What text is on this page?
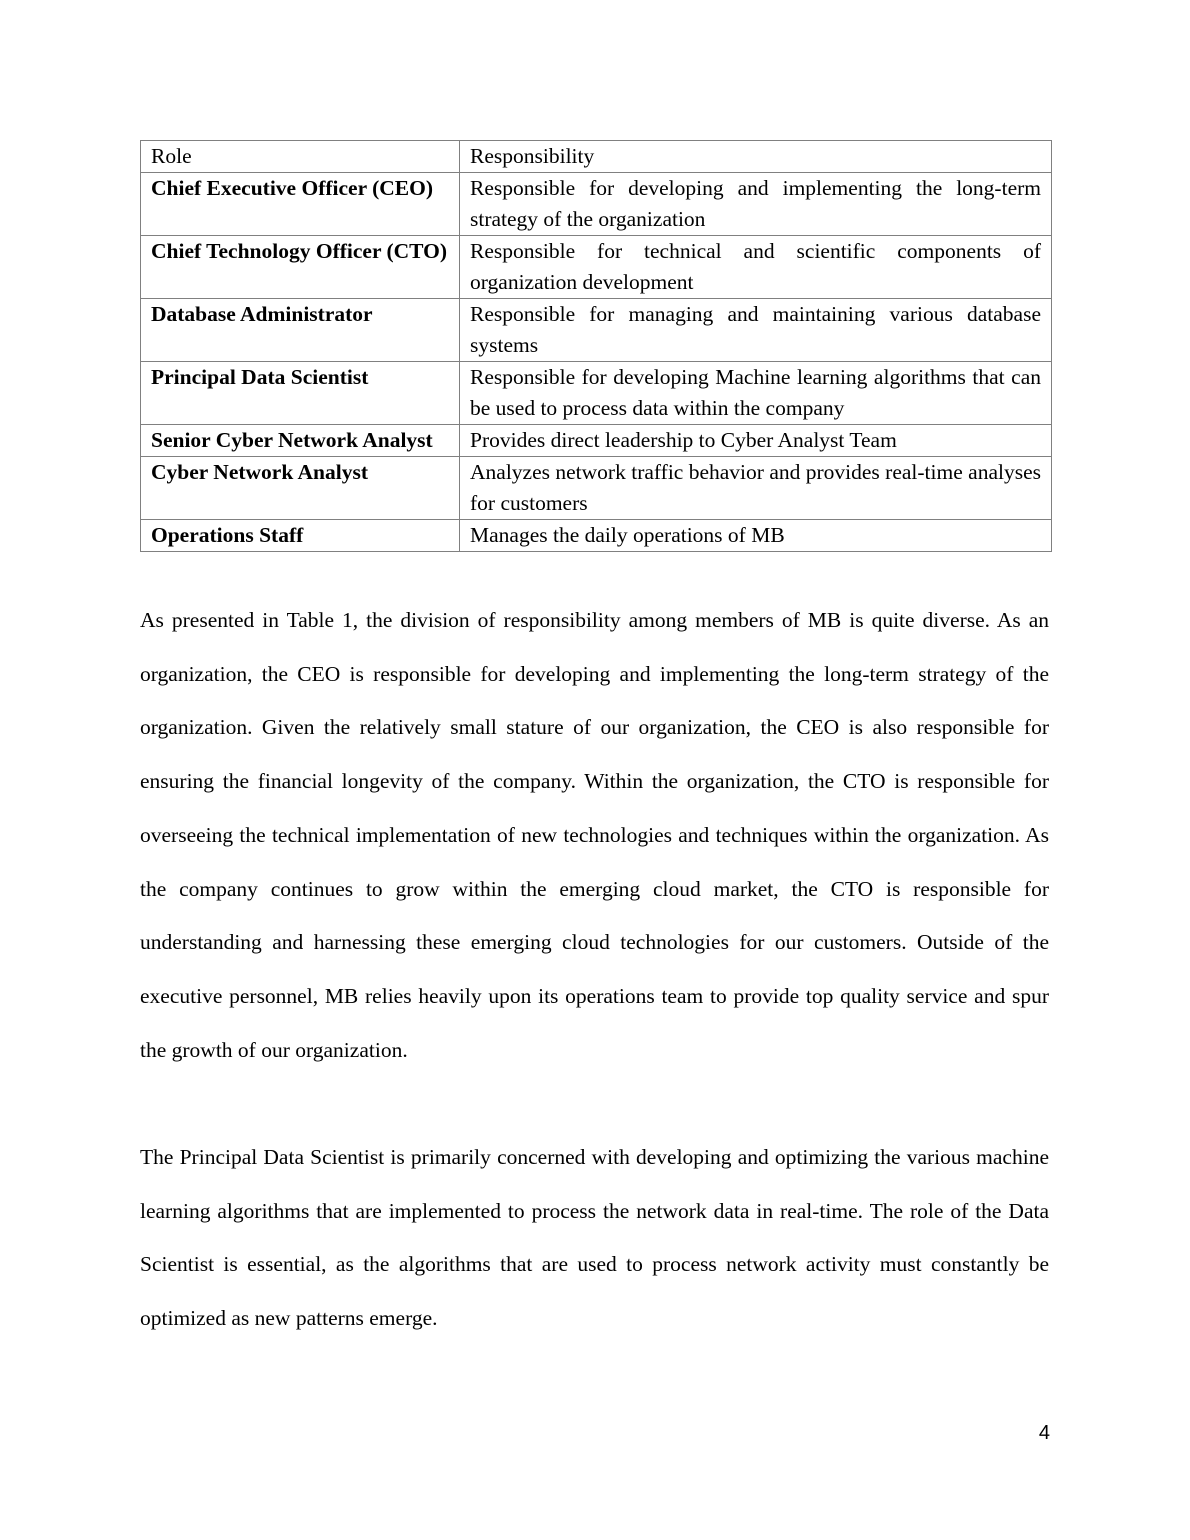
Role	Responsibility
Chief Executive Officer (CEO)	Responsible for developing and implementing the long-term strategy of the organization
Chief Technology Officer (CTO)	Responsible for technical and scientific components of organization development
Database Administrator	Responsible for managing and maintaining various database systems
Principal Data Scientist	Responsible for developing Machine learning algorithms that can be used to process data within the company
Senior Cyber Network Analyst	Provides direct leadership to Cyber Analyst Team
Cyber Network Analyst	Analyzes network traffic behavior and provides real-time analyses for customers
Operations Staff	Manages the daily operations of MB

As presented in Table 1, the division of responsibility among members of MB is quite diverse. As an organization, the CEO is responsible for developing and implementing the long-term strategy of the organization. Given the relatively small stature of our organization, the CEO is also responsible for ensuring the financial longevity of the company. Within the organization, the CTO is responsible for overseeing the technical implementation of new technologies and techniques within the organization. As the company continues to grow within the emerging cloud market, the CTO is responsible for understanding and harnessing these emerging cloud technologies for our customers. Outside of the executive personnel, MB relies heavily upon its operations team to provide top quality service and spur the growth of our organization.

The Principal Data Scientist is primarily concerned with developing and optimizing the various machine learning algorithms that are implemented to process the network data in real-time. The role of the Data Scientist is essential, as the algorithms that are used to process network activity must constantly be optimized as new patterns emerge.

4
